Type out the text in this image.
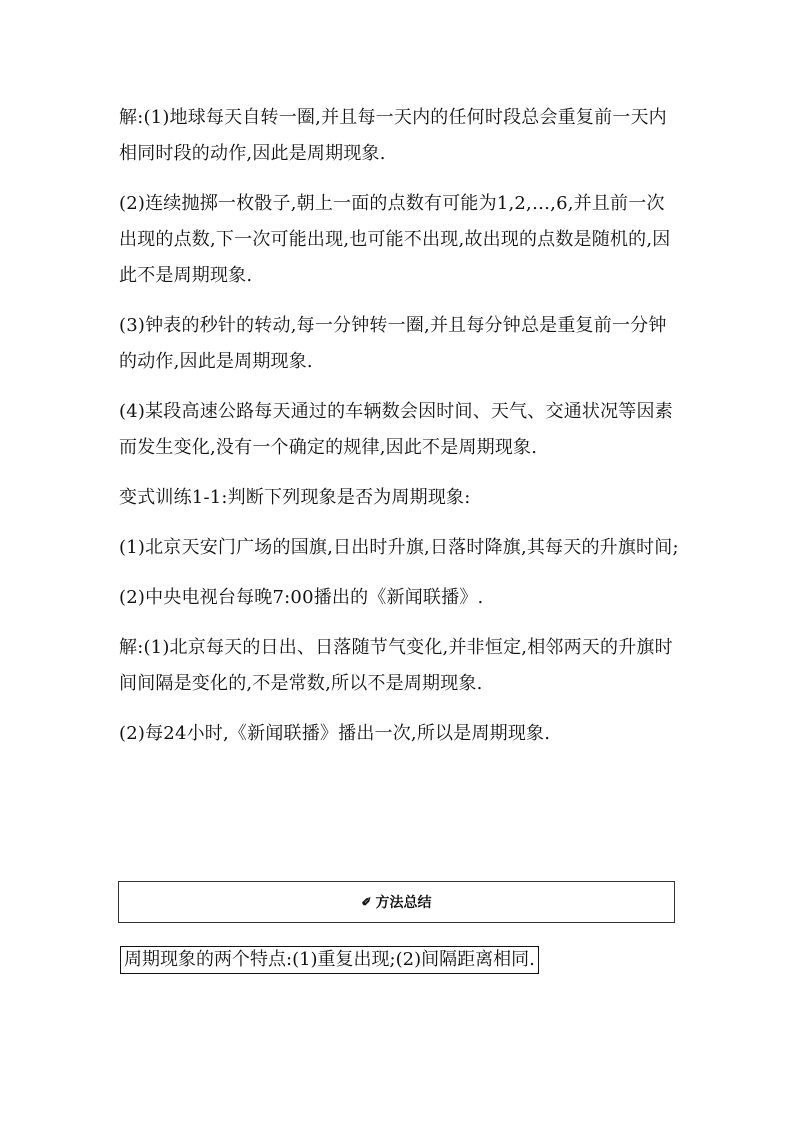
解:(1)地球每天自转一圈,并且每一天内的任何时段总会重复前一天内相同时段的动作,因此是周期现象.

(2)连续抛掷一枚骰子,朝上一面的点数有可能为1,2,…,6,并且前一次出现的点数,下一次可能出现,也可能不出现,故出现的点数是随机的,因此不是周期现象.

(3)钟表的秒针的转动,每一分钟转一圈,并且每分钟总是重复前一分钟的动作,因此是周期现象.

(4)某段高速公路每天通过的车辆数会因时间、天气、交通状况等因素而发生变化,没有一个确定的规律,因此不是周期现象.

变式训练1-1:判断下列现象是否为周期现象:

(1)北京天安门广场的国旗,日出时升旗,日落时降旗,其每天的升旗时间;

(2)中央电视台每晚7:00播出的《新闻联播》.

解:(1)北京每天的日出、日落随节气变化,并非恒定,相邻两天的升旗时间间隔是变化的,不是常数,所以不是周期现象.

(2)每24小时,《新闻联播》播出一次,所以是周期现象.

✐ 方法总结
周期现象的两个特点:(1)重复出现;(2)间隔距离相同.
